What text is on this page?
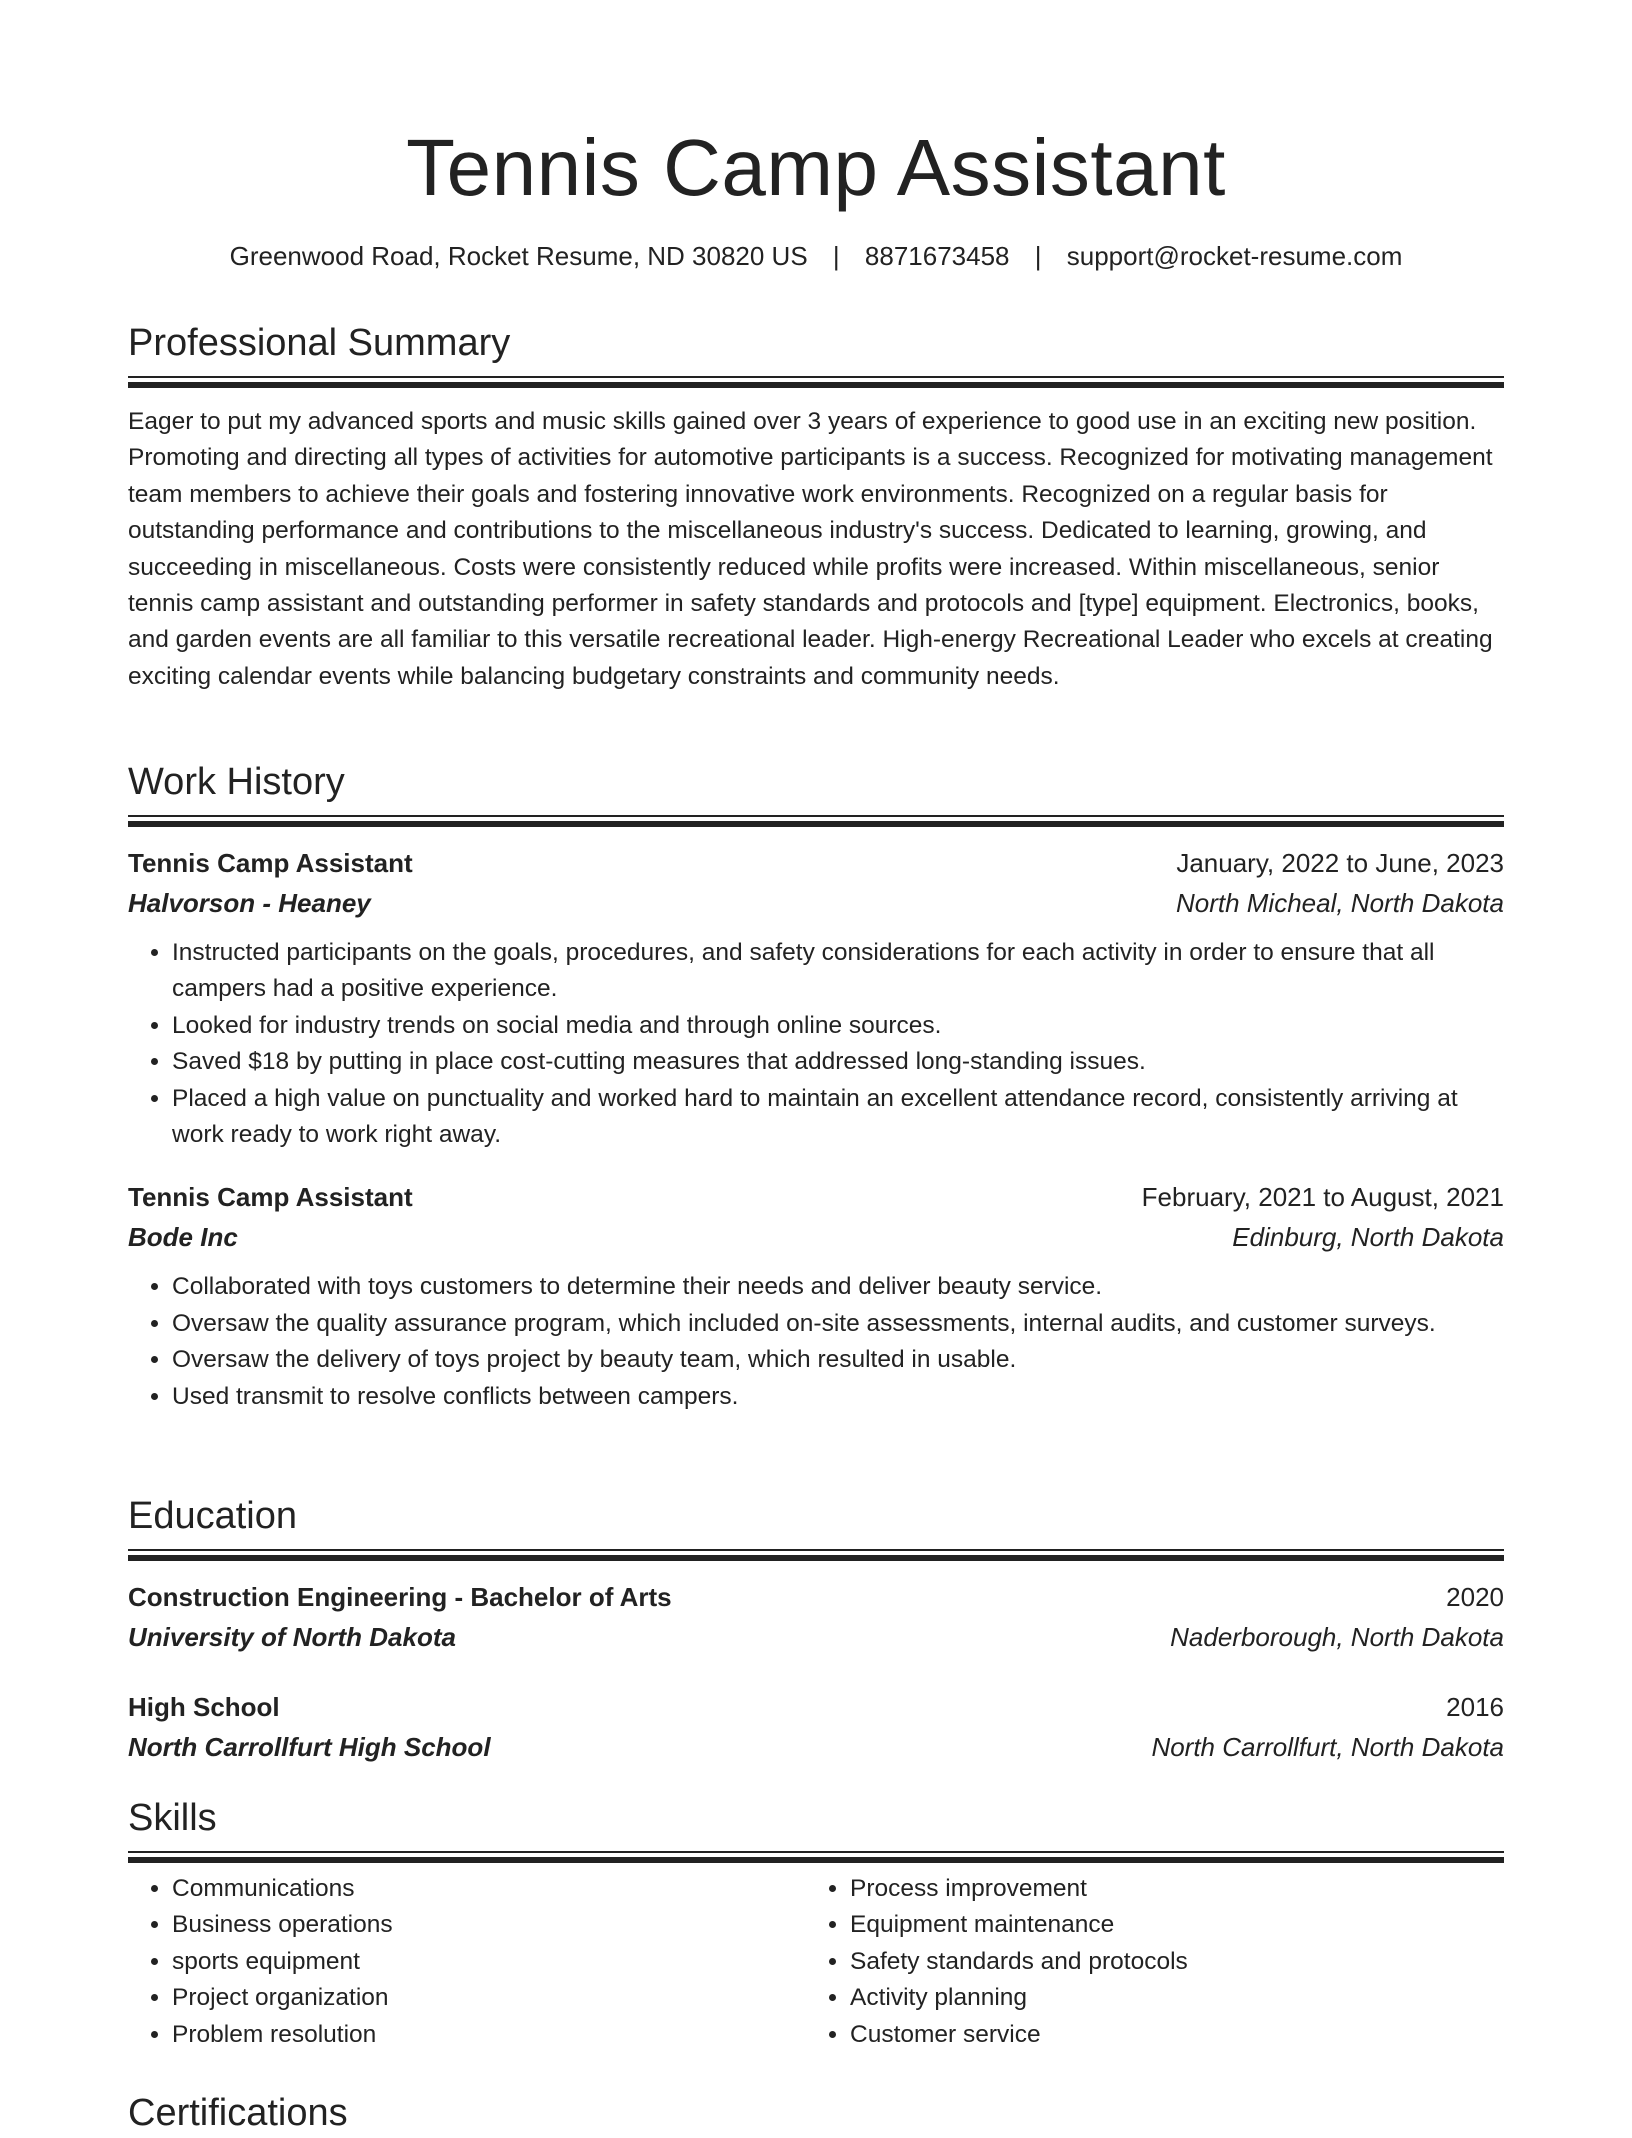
Tennis Camp Assistant
Greenwood Road, Rocket Resume, ND 30820 US | 8871673458 | support@rocket-resume.com
Professional Summary
Eager to put my advanced sports and music skills gained over 3 years of experience to good use in an exciting new position. Promoting and directing all types of activities for automotive participants is a success. Recognized for motivating management team members to achieve their goals and fostering innovative work environments. Recognized on a regular basis for outstanding performance and contributions to the miscellaneous industry's success. Dedicated to learning, growing, and succeeding in miscellaneous. Costs were consistently reduced while profits were increased. Within miscellaneous, senior tennis camp assistant and outstanding performer in safety standards and protocols and [type] equipment. Electronics, books, and garden events are all familiar to this versatile recreational leader. High-energy Recreational Leader who excels at creating exciting calendar events while balancing budgetary constraints and community needs.
Work History
Tennis Camp Assistant	January, 2022 to June, 2023
Halvorson - Heaney	North Micheal, North Dakota
• Instructed participants on the goals, procedures, and safety considerations for each activity in order to ensure that all campers had a positive experience.
• Looked for industry trends on social media and through online sources.
• Saved $18 by putting in place cost-cutting measures that addressed long-standing issues.
• Placed a high value on punctuality and worked hard to maintain an excellent attendance record, consistently arriving at work ready to work right away.
Tennis Camp Assistant	February, 2021 to August, 2021
Bode Inc	Edinburg, North Dakota
• Collaborated with toys customers to determine their needs and deliver beauty service.
• Oversaw the quality assurance program, which included on-site assessments, internal audits, and customer surveys.
• Oversaw the delivery of toys project by beauty team, which resulted in usable.
• Used transmit to resolve conflicts between campers.
Education
Construction Engineering - Bachelor of Arts	2020
University of North Dakota	Naderborough, North Dakota
High School	2016
North Carrollfurt High School	North Carrollfurt, North Dakota
Skills
• Communications
• Business operations
• sports equipment
• Project organization
• Problem resolution
• Process improvement
• Equipment maintenance
• Safety standards and protocols
• Activity planning
• Customer service
Certifications
